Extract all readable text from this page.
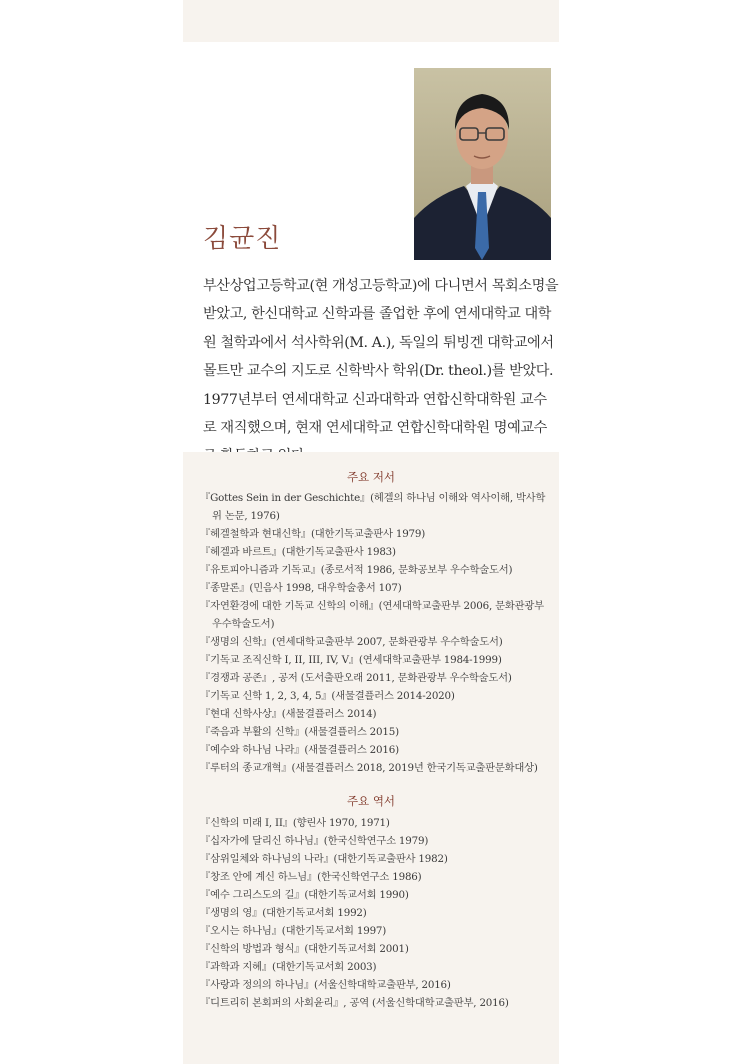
김균진

부산상업고등학교(현 개성고등학교)에 다니면서 목회소명을 받았고, 한신대학교 신학과를 졸업한 후에 연세대학교 대학원 철학과에서 석사학위(M. A.), 독일의 튀빙겐 대학교에서 몰트만 교수의 지도로 신학박사 학위(Dr. theol.)를 받았다. 1977년부터 연세대학교 신과대학과 연합신학대학원 교수로 재직했으며, 현재 연세대학교 연합신학대학원 명예교수

주요 저서
『Gottes Sein in der Geschichte』(헤겔의 하나님 이해와 역사이해, 박사학위 논문, 1976)
『헤겔철학과 현대신학』(대한기독교출판사 1979)
『헤겔과 바르트』(대한기독교출판사 1983)
『유토피아니즘과 기독교』(종로서적 1986, 문화공보부 우수학술도서)
『종말론』(민음사 1998, 대우학술총서 107)
『자연환경에 대한 기독교 신학의 이해』(연세대학교출판부 2006, 문화관광부 우수학술도서)
『생명의 신학』(연세대학교출판부 2007, 문화관광부 우수학술도서)
『기독교 조직신학 I, II, III, IV, V』(연세대학교출판부 1984-1999)
『경쟁과 공존』, 공저 (도서출판오래 2011, 문화관광부 우수학술도서)
『기독교 신학 1, 2, 3, 4, 5』(새물결플러스 2014-2020)
『현대 신학사상』(새물결플러스 2014)
『죽음과 부활의 신학』(새물결플러스 2015)
『예수와 하나님 나라』(새물결플러스 2016)
『루터의 종교개혁』(새물결플러스 2018, 2019년 한국기독교출판문화대상)
주요 역서
『신학의 미래 I, II』(향린사 1970, 1971)
『십자가에 달리신 하나님』(한국신학연구소 1979)
『삼위일체와 하나님의 나라』(대한기독교출판사 1982)
『창조 안에 계신 하느님』(한국신학연구소 1986)
『예수 그리스도의 길』(대한기독교서회 1990)
『생명의 영』(대한기독교서회 1992)
『오시는 하나님』(대한기독교서회 1997)
『신학의 방법과 형식』(대한기독교서회 2001)
『과학과 지혜』(대한기독교서회 2003)
『사랑과 정의의 하나님』(서울신학대학교출판부, 2016)
『디트리히 본회퍼의 사회윤리』, 공역 (서울신학대학교출판부, 2016)
